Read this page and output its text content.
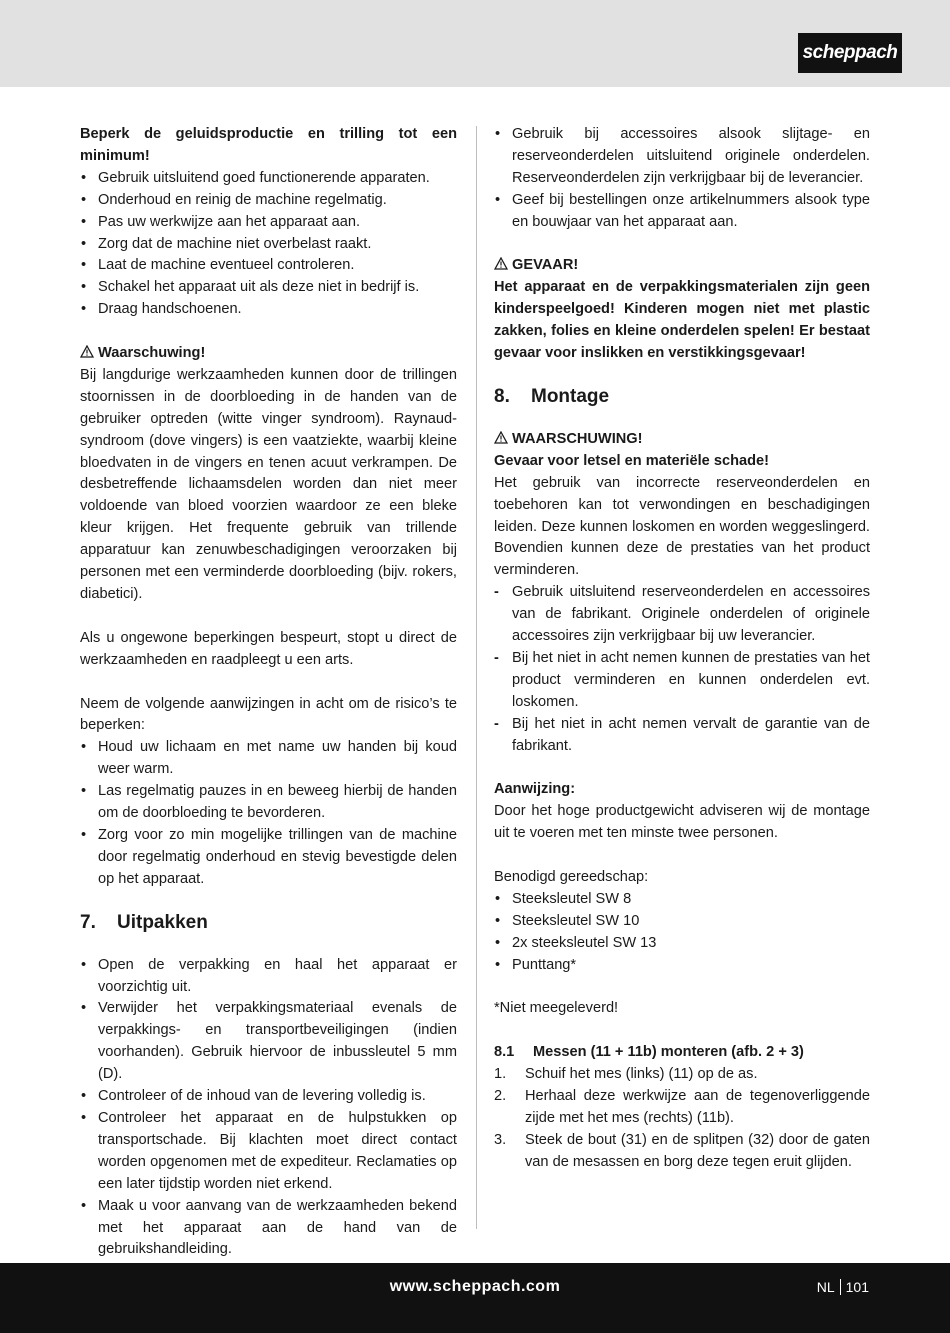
scheppach

Beperk de geluidsproductie en trilling tot een minimum!

• Gebruik uitsluitend goed functionerende apparaten.
• Onderhoud en reinig de machine regelmatig.
• Pas uw werkwijze aan het apparaat aan.
• Zorg dat de machine niet overbelast raakt.
• Laat de machine eventueel controleren.
• Schakel het apparaat uit als deze niet in bedrijf is.
• Draag handschoenen.

Waarschuwing!

Bij langdurige werkzaamheden kunnen door de trillingen stoornissen in de doorbloeding in de handen van de gebruiker optreden (witte vinger syndroom). Raynaud-syndroom (dove vingers) is een vaatziekte, waarbij kleine bloedvaten in de vingers en tenen acuut verkrampen. De desbetreffende lichaamsdelen worden dan niet meer voldoende van bloed voorzien waardoor ze een bleke kleur krijgen. Het frequente gebruik van trillende apparatuur kan zenuwbeschadigingen veroorzaken bij personen met een verminderde doorbloeding (bijv. rokers, diabetici).

Als u ongewone beperkingen bespeurt, stopt u direct de werkzaamheden en raadpleegt u een arts.

Neem de volgende aanwijzingen in acht om de risico’s te beperken:

• Houd uw lichaam en met name uw handen bij koud weer warm.
• Las regelmatig pauzes in en beweeg hierbij de handen om de doorbloeding te bevorderen.
• Zorg voor zo min mogelijke trillingen van de machine door regelmatig onderhoud en stevig bevestigde delen op het apparaat.
7.	Uitpakken
• Open de verpakking en haal het apparaat er voorzichtig uit.
• Verwijder het verpakkingsmateriaal evenals de verpakkings- en transportbeveiligingen (indien voorhanden). Gebruik hiervoor de inbussleutel 5 mm (D).
• Controleer of de inhoud van de levering volledig is.
• Controleer het apparaat en de hulpstukken op transportschade. Bij klachten moet direct contact worden opgenomen met de expediteur. Reclamaties op een later tijdstip worden niet erkend.
• Maak u voor aanvang van de werkzaamheden bekend met het apparaat aan de hand van de gebruikshandleiding.
• Gebruik bij accessoires alsook slijtage- en reserveonderdelen uitsluitend originele onderdelen. Reserveonderdelen zijn verkrijgbaar bij de leverancier.
• Geef bij bestellingen onze artikelnummers alsook type en bouwjaar van het apparaat aan.

GEVAAR!

Het apparaat en de verpakkingsmaterialen zijn geen kinderspeelgoed! Kinderen mogen niet met plastic zakken, folies en kleine onderdelen spelen! Er bestaat gevaar voor inslikken en verstikkingsgevaar!

8.	Montage

WAARSCHUWING!

Gevaar voor letsel en materiële schade!

Het gebruik van incorrecte reserveonderdelen en toebehoren kan tot verwondingen en beschadigingen leiden. Deze kunnen loskomen en worden weggeslingerd. Bovendien kunnen deze de prestaties van het product verminderen.

- Gebruik uitsluitend reserveonderdelen en accessoires van de fabrikant. Originele onderdelen of originele accessoires zijn verkrijgbaar bij uw leverancier.
- Bij het niet in acht nemen kunnen de prestaties van het product verminderen en kunnen onderdelen evt. loskomen.
- Bij het niet in acht nemen vervalt de garantie van de fabrikant.

Aanwijzing:

Door het hoge productgewicht adviseren wij de montage uit te voeren met ten minste twee personen.

Benodigd gereedschap:

• Steeksleutel SW 8
• Steeksleutel SW 10
• 2x steeksleutel SW 13
• Punttang*

*Niet meegeleverd!

8.1	Messen (11 + 11b) monteren (afb. 2 + 3)
1. Schuif het mes (links) (11) op de as.
2. Herhaal deze werkwijze aan de tegenoverliggende zijde met het mes (rechts) (11b).
3. Steek de bout (31) en de splitpen (32) door de gaten van de mesassen en borg deze tegen eruit glijden.
www.scheppach.com	NL 101
